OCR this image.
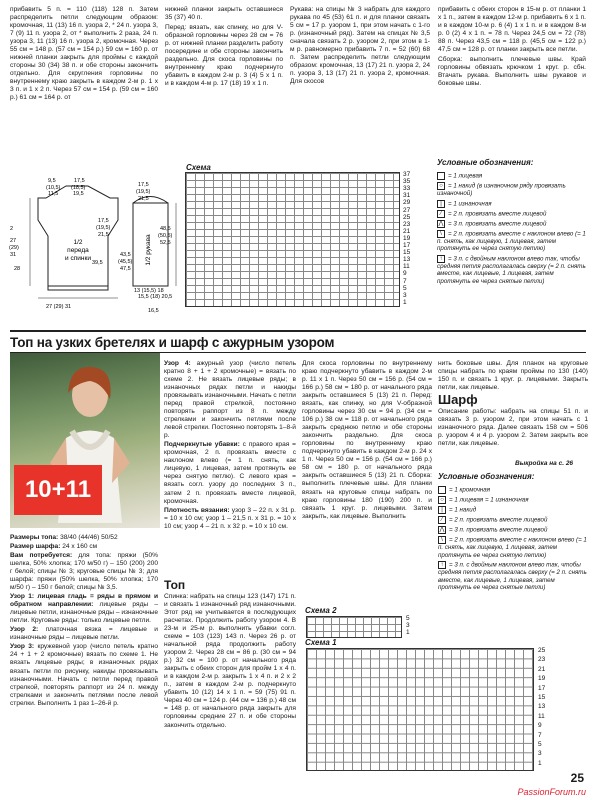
прибавить 5 п. = 110 (118) 128 п. Затем распределить петли следующим образом: кромочная, 11 (13) 16 п. узора 2, * 24 п. узора 3, 7 (9) 11 п. узора 2, от * выполнить 2 раза, 24 п. узора 3, 11 (13) 16 п. узора 2, кромочная. Через 55 см = 148 р. (57 см = 154 р.) 59 см = 160 р. от нижней планки закрыть для проймы с каждой стороны 30 (34) 38 п. и обе стороны закончить отдельно. Для скругления горловины по внутреннему краю закрыть в каждом 2-м р. 1 x 3 п. и 1 x 2 п. Через 57 см = 154 р. (59 см = 160 р.) 61 см = 164 р. от

нижней планки закрыть оставшиеся 35 (37) 40 п.

Перед: вязать, как спинку, но для V-образной горловины через 28 см = 76 р. от нижней планки разделить работу посередине и обе стороны закончить раздельно. Для скоса горловины по внутреннему краю подчеркнуто убавить в каждом 2-м р. 3 (4) 5 x 1 п. и в каждом 4-м р. 17 (18) 19 x 1 п.

Рукава: на спицы № 3 набрать для каждого рукава по 45 (53) 61 п. и для планки связать 5 см = 17 р. узором 1, при этом начать с 1-го р. (изнаночный ряд). Затем на спицах № 3,5 сначала связать 2 р. узором 2, при этом в 1-м р. равномерно прибавить 7 п. = 52 (60) 68 п. Затем распределить петли следующим образом: кромочная, 13 (17) 21 п. узора 2, 24 п. узора 3, 13 (17) 21 п. узора 2, кромочная. Для скосов

прибавить с обеих сторон в 15-м р. от планки 1 x 1 п., затем в каждом 12-м р. прибавить 6 x 1 п. и в каждом 10-м р. 6 (4) 1 x 1 п. и в каждом 8-м р. 0 (2) 4 x 1 п. = 78 п. Через 24,5 см = 72 (78) 88 п. Через 43,5 см = 118 р. (45,5 см = 122 р.) 47,5 см = 128 р. от планки закрыть все петли.

Сборка: выполнить плечевые швы. Край горловины обвязать крючком 1 круг. р. сбн. Втачать рукава. Выполнить швы рукавов и боковые швы.

1/2
переда
и спинки	1/2 рукава
9,5
(10,5)
11,5
17,5
(18,5)
19,5
2
27
(29)
31
28
17,5
(19,5)
21,5
39,5
43,5
(45,5)
47,5
27 (29) 31
13 (15,5) 18
15,5 (18) 20,5
16,5
48,5
(50,5)
52,5
17,5
(19,5)
21,5
Схема
37
35
33
31
29
27
25
23
21
19
17
15
13
11
9
7
5
3
1
Условные обозначения:
= 1 лицевая
○ = 1 накид (в изнаночном ряду провязать изнаночной)
| = 1 изнаночная
⁄ = 2 п. провязать вместе лицевой
⋀ = 3 п. провязать вместе лицевой
\ = 2 п. провязать вместе с наклоном влево (= 1 п. снять, как лицевую, 1 лицевая, затем протянуть ее через снятую петлю)
↑ = 3 п. с двойным наклоном влево так, чтобы средняя петля располагалась сверху (= 2 п. снять вместе, как лицевые, 1 лицевая, затем протянуть ее через снятые петли)
Топ на узких бретелях и шарф с ажурным узором
10+11

Размеры топа: 38/40 (44/46) 50/52

Размер шарфа: 24 x 160 см

Вам потребуется: для топа: пряжи (50% шелка, 50% хлопка; 170 м/50 г) – 150 (200) 200 г белой; спицы № 3; круговые спицы № 3; для шарфа: пряжи (50% шелка, 50% хлопка; 170 м/50 г) – 150 г белой; спицы № 3,5.

Узор 1: лицевая гладь = ряды в прямом и обратном направлении: лицевые ряды – лицевые петли, изнаночные ряды – изнаночные петли. Круговые ряды: только лицевые петли.

Узор 2: платочная вязка = лицевые и изнаночные ряды – лицевые петли.

Узор 3: кружевной узор (число петель кратно 24 + 1 + 2 кромочные) вязать по схеме 1. Не вязать лицевые ряды; в изнаночных рядах вязать петли по рисунку, накиды провязывать изнаночными. Начать с петли перед правой стрелкой, повторять раппорт из 24 п. между стрелками и закончить петлями после левой стрелки. Выполнить 1 раз 1–26-й р.

Узор 4: ажурный узор (число петель кратно 8 + 1 + 2 кромочные) = вязать по схеме 2. Не вязать лицевые ряды; в изнаночных рядах петли и накиды провязывать изнаночными. Начать с петли перед правой стрелкой, постоянно повторять раппорт из 8 п. между стрелками и закончить петлями после левой стрелки. Постоянно повторять 1–8-й р.

Подчеркнутые убавки: с правого края = кромочная, 2 п. провязать вместе с наклоном влево (= 1 п. снять, как лицевую, 1 лицевая, затем протянуть ее через снятую петлю). С левого края = вязать согл. узору до последних 3 п., затем 2 п. провязать вместе лицевой, кромочная.

Плотность вязания: узор 3 – 22 п. x 31 р. = 10 x 10 см; узор 1 – 21,5 п. x 31 р. = 10 x 10 см; узор 4 – 21 п. x 32 р. = 10 x 10 см.

Топ

Спинка: набрать на спицы 123 (147) 171 п. и связать 1 изнаночный ряд изнаночными. Этот ряд не учитывается в последующих расчетах. Продолжить работу узором 4. В 23-м и 25-м р. выполнить убавки согл. схеме = 103 (123) 143 п. Через 26 р. от начальной ряда продолжить работу узором 2. Через 28 см = 86 р. (30 см = 94 р.) 32 см = 100 р. от начального ряда закрыть с обеих сторон для пройм 1 x 4 п. и в каждом 2-м р. закрыть 1 x 4 п. и 2 x 2 п., затем в каждом 2-м р. подчеркнуто убавить 10 (12) 14 x 1 п. = 59 (75) 91 п. Через 40 см = 124 р. (44 см = 136 р.) 48 см = 148 р. от начального ряда закрыть для горловины средние 27 п. и обе стороны закончить отдельно.

Для скоса горловины по внутреннему краю подчеркнуто убавить в каждом 2-м р. 11 x 1 п. Через 50 см = 156 р. (54 см = 166 р.) 58 см = 180 р. от начального ряда закрыть оставшиеся 5 (13) 21 п. Перед: вязать, как спинку, но для V-образной горловины через 30 см = 94 р. (34 см = 106 р.) 38 см = 118 р. от начального ряда закрыть среднюю петлю и обе стороны закончить раздельно. Для скоса горловины по внутреннему краю подчеркнуто убавить в каждом 2-м р. 24 x 1 п. Через 50 см = 156 р. (54 см = 166 р.) 58 см = 180 р. от начального ряда закрыть оставшиеся 5 (13) 21 п. Сборка: выполнить плечевые швы. Для планки вязать на круговые спицы набрать по краю горловины 180 (190) 200 п. и связать 1 круг. р. лицевыми. Затем закрыть, как лицевые. Выполнить

нить боковые швы. Для планок на круговые спицы набрать по краям проймы по 130 (140) 150 п. и связать 1 круг. р. лицевыми. Закрыть петли, как лицевые.

Шарф

Описание работы: набрать на спицы 51 п. и связать 3 р. узором 2, при этом начать с 1 изнаночного ряда. Далее связать 158 см = 506 р. узором 4 и 4 р. узором 2. Затем закрыть все петли, как лицевые.

Выкройка на с. 26
Условные обозначения:
= 1 кромочная
○ = 1 лицевая = 1 изнаночная
| = 1 накид
⁄ = 2 п. провязать вместе лицевой
⋀ = 3 п. провязать вместе лицевой
\ = 2 п. провязать вместе с наклоном влево (= 1 п. снять, как лицевую, 1 лицевая, затем протянуть ее через снятую петлю)
↑ = 3 п. с двойным наклоном влево так, чтобы средняя петля располагалась сверху (= 2 п. снять вместе, как лицевые, 1 лицевая, затем протянуть ее через снятые петли)
Схема 2
5
3
1
Схема 1
25
23
21
19
17
15
13
11
9
7
5
3
1
25
PassionForum.ru
